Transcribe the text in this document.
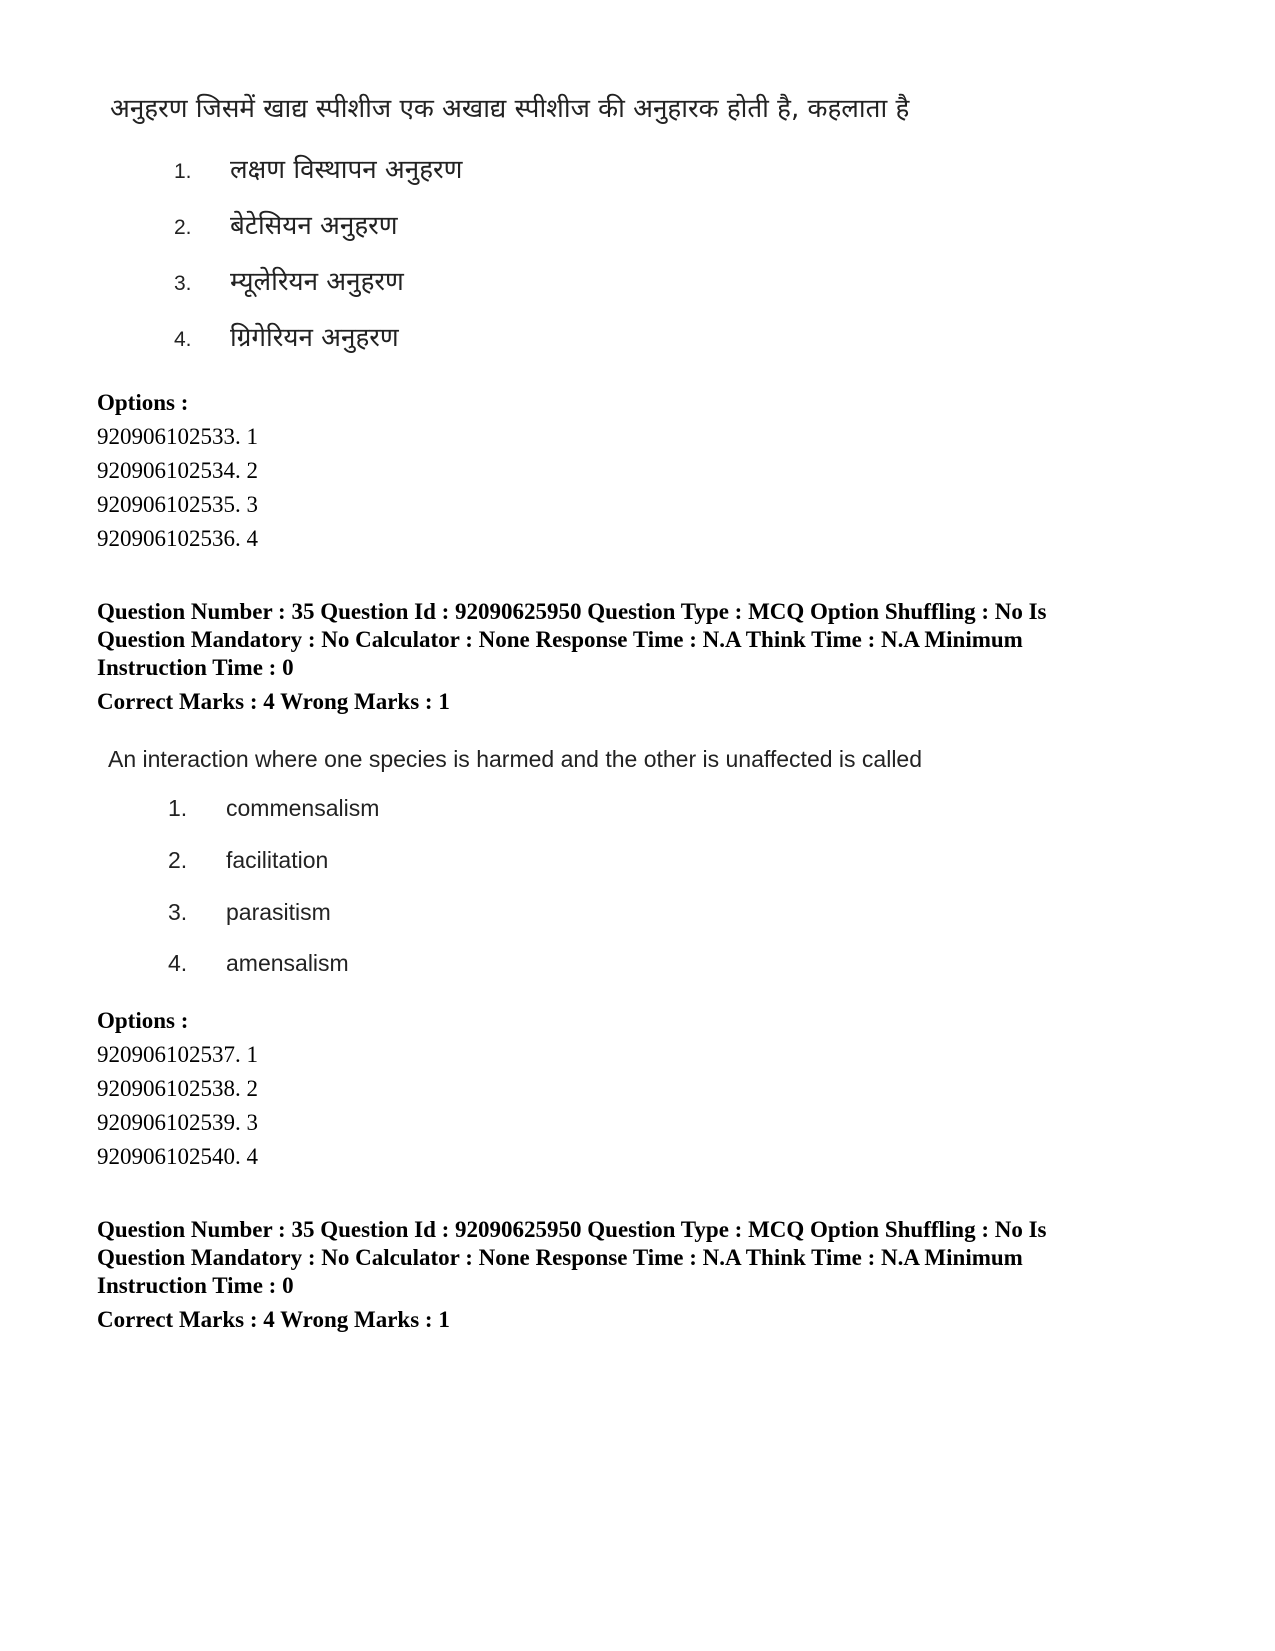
अनुहरण जिसमें खाद्य स्पीशीज एक अखाद्य स्पीशीज की अनुहारक होती है, कहलाता है
1.	लक्षण विस्थापन अनुहरण
2.	बेटेसियन अनुहरण
3.	म्यूलेरियन अनुहरण
4.	ग्रिगेरियन अनुहरण
Options :
920906102533. 1
920906102534. 2
920906102535. 3
920906102536. 4
Question Number : 35 Question Id : 92090625950 Question Type : MCQ Option Shuffling : No Is
Question Mandatory : No Calculator : None Response Time : N.A Think Time : N.A Minimum
Instruction Time : 0
Correct Marks : 4 Wrong Marks : 1
An interaction where one species is harmed and the other is unaffected is called
1.	commensalism
2.	facilitation
3.	parasitism
4.	amensalism
Options :
920906102537. 1
920906102538. 2
920906102539. 3
920906102540. 4
Question Number : 35 Question Id : 92090625950 Question Type : MCQ Option Shuffling : No Is
Question Mandatory : No Calculator : None Response Time : N.A Think Time : N.A Minimum
Instruction Time : 0
Correct Marks : 4 Wrong Marks : 1
